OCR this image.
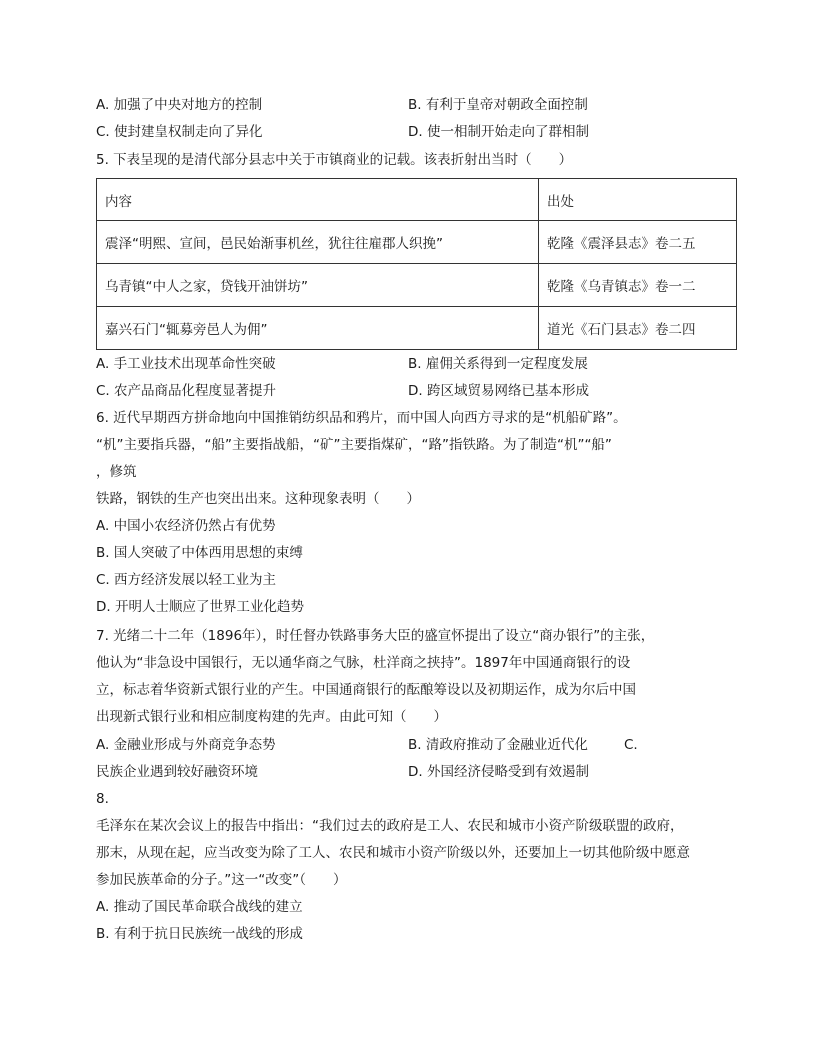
A. 加强了中央对地方的控制	B. 有利于皇帝对朝政全面控制
C. 使封建皇权制走向了异化	D. 使一相制开始走向了群相制
5. 下表呈现的是清代部分县志中关于市镇商业的记载。该表折射出当时（　　）
内容	出处
震泽“明熙、宣间，邑民始渐事机丝，犹往往雇郡人织挽”	乾隆《震泽县志》卷二五
乌青镇“中人之家，贷钱开油饼坊”	乾隆《乌青镇志》卷一二
嘉兴石门“辄募旁邑人为佣”	道光《石门县志》卷二四
A. 手工业技术出现革命性突破	B. 雇佣关系得到一定程度发展
C. 农产品商品化程度显著提升	D. 跨区域贸易网络已基本形成
6. 近代早期西方拼命地向中国推销纺织品和鸦片，而中国人向西方寻求的是“机船矿路”。
“机”主要指兵器，“船”主要指战船，“矿”主要指煤矿，“路”指铁路。为了制造“机”“船”
，修筑
铁路，钢铁的生产也突出出来。这种现象表明（　　）
A. 中国小农经济仍然占有优势
B. 国人突破了中体西用思想的束缚
C. 西方经济发展以轻工业为主
D. 开明人士顺应了世界工业化趋势
7. 光绪二十二年（1896年），时任督办铁路事务大臣的盛宣怀提出了设立“商办银行”的主张，
他认为“非急设中国银行，无以通华商之气脉，杜洋商之挟持”。1897年中国通商银行的设
立，标志着华资新式银行业的产生。中国通商银行的酝酿筹设以及初期运作，成为尔后中国
出现新式银行业和相应制度构建的先声。由此可知（　　）
A. 金融业形成与外商竞争态势	B. 清政府推动了金融业近代化	C.
民族企业遇到较好融资环境	D. 外国经济侵略受到有效遏制
8.
毛泽东在某次会议上的报告中指出：“我们过去的政府是工人、农民和城市小资产阶级联盟的政府，
那末，从现在起，应当改变为除了工人、农民和城市小资产阶级以外，还要加上一切其他阶级中愿意
参加民族革命的分子。”这一“改变”（　　）
A. 推动了国民革命联合战线的建立
B. 有利于抗日民族统一战线的形成
